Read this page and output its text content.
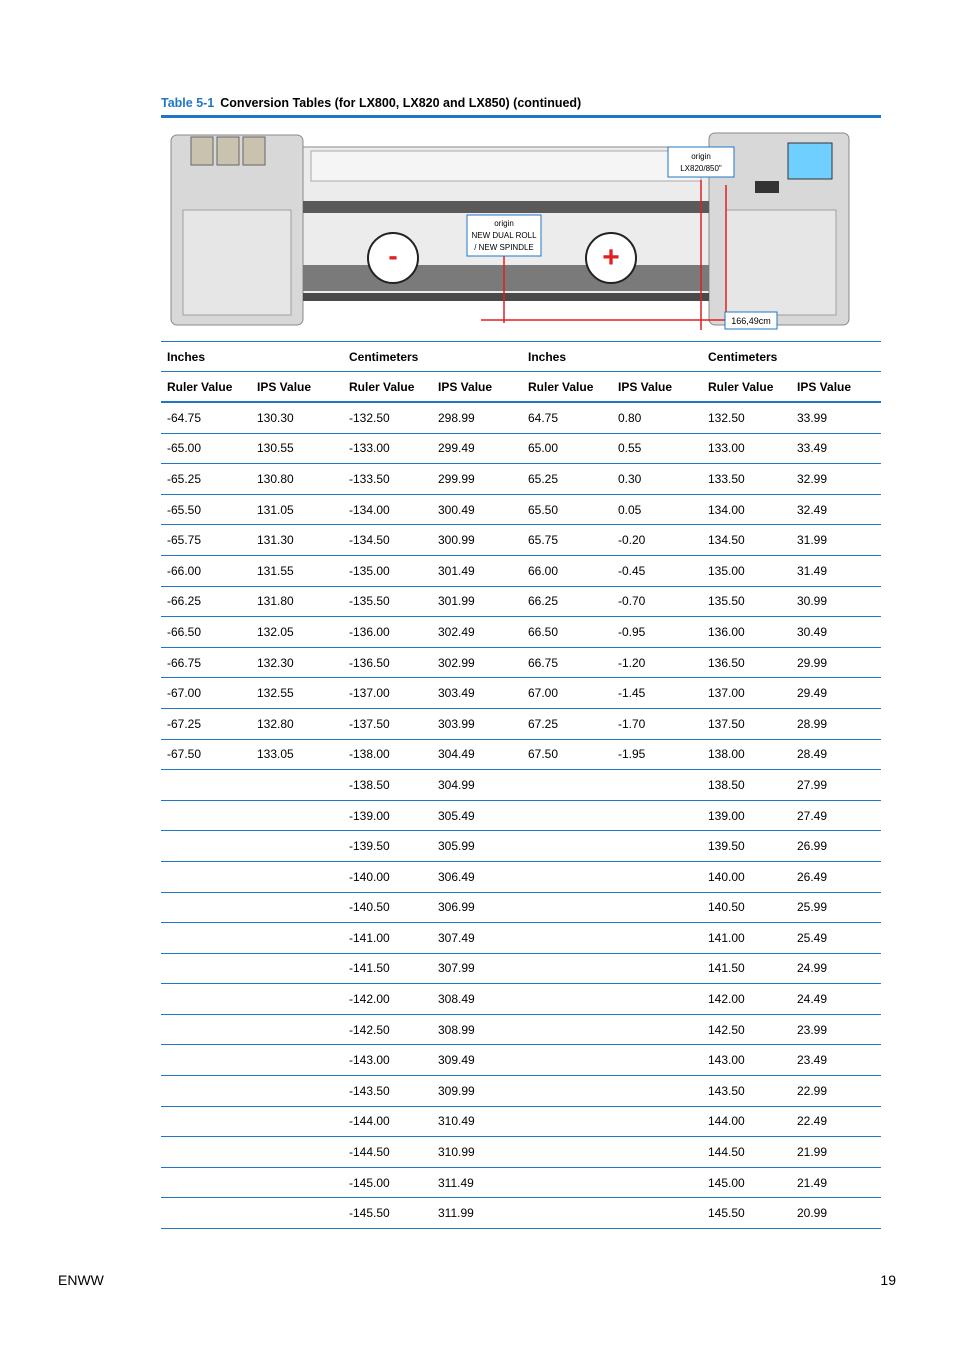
Table 5-1 Conversion Tables (for LX800, LX820 and LX850) (continued)
-	+
origin
LX820/850"
origin
NEW DUAL ROLL
/ NEW SPINDLE
166,49cm
Inches		Centimeters		Inches		Centimeters	
Ruler Value	IPS Value	Ruler Value	IPS Value	Ruler Value	IPS Value	Ruler Value	IPS Value
-64.75	130.30	-132.50	298.99	64.75	0.80	132.50	33.99
-65.00	130.55	-133.00	299.49	65.00	0.55	133.00	33.49
-65.25	130.80	-133.50	299.99	65.25	0.30	133.50	32.99
-65.50	131.05	-134.00	300.49	65.50	0.05	134.00	32.49
-65.75	131.30	-134.50	300.99	65.75	-0.20	134.50	31.99
-66.00	131.55	-135.00	301.49	66.00	-0.45	135.00	31.49
-66.25	131.80	-135.50	301.99	66.25	-0.70	135.50	30.99
-66.50	132.05	-136.00	302.49	66.50	-0.95	136.00	30.49
-66.75	132.30	-136.50	302.99	66.75	-1.20	136.50	29.99
-67.00	132.55	-137.00	303.49	67.00	-1.45	137.00	29.49
-67.25	132.80	-137.50	303.99	67.25	-1.70	137.50	28.99
-67.50	133.05	-138.00	304.49	67.50	-1.95	138.00	28.49
		-138.50	304.99			138.50	27.99
		-139.00	305.49			139.00	27.49
		-139.50	305.99			139.50	26.99
		-140.00	306.49			140.00	26.49
		-140.50	306.99			140.50	25.99
		-141.00	307.49			141.00	25.49
		-141.50	307.99			141.50	24.99
		-142.00	308.49			142.00	24.49
		-142.50	308.99			142.50	23.99
		-143.00	309.49			143.00	23.49
		-143.50	309.99			143.50	22.99
		-144.00	310.49			144.00	22.49
		-144.50	310.99			144.50	21.99
		-145.00	311.49			145.00	21.49
		-145.50	311.99			145.50	20.99
ENWW	19
